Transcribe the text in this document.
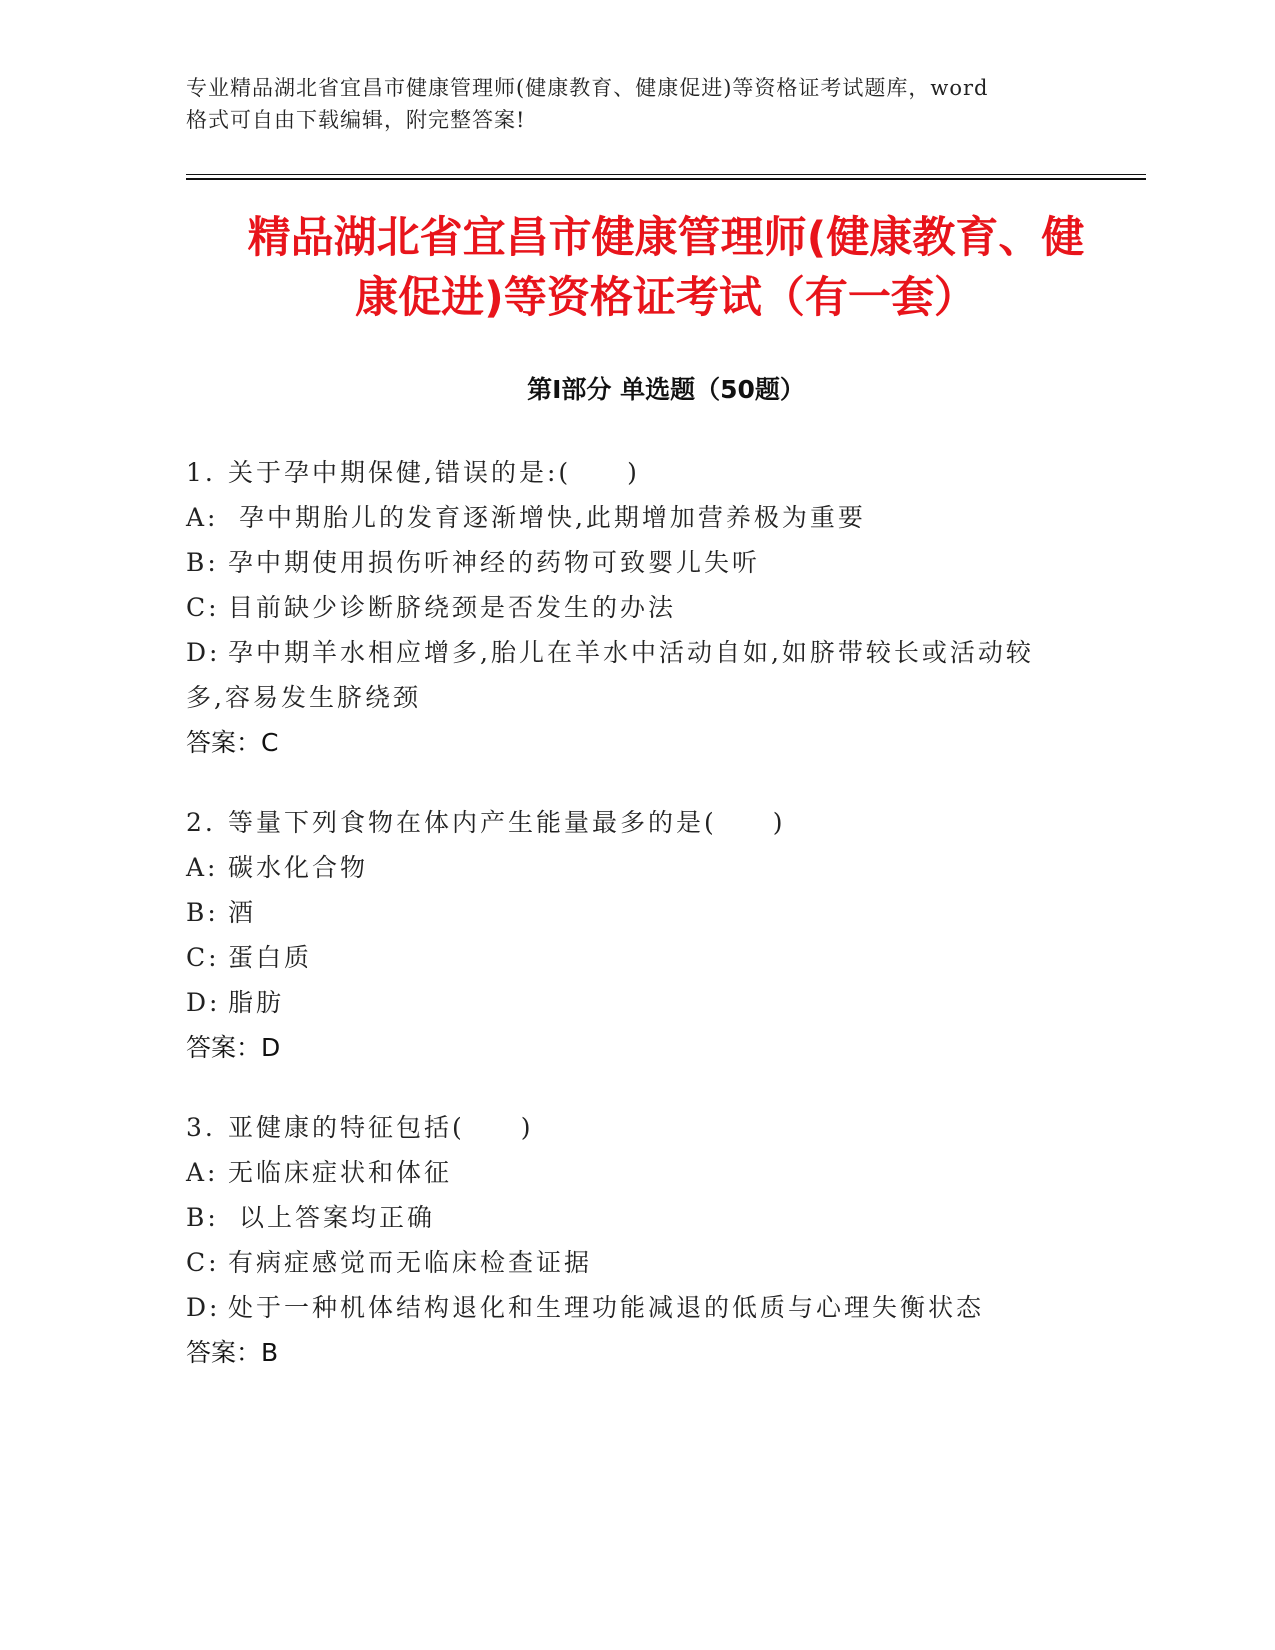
专业精品湖北省宜昌市健康管理师(健康教育、健康促进)等资格证考试题库，word

格式可自由下载编辑，附完整答案!

精品湖北省宜昌市健康管理师(健康教育、健
康促进)等资格证考试（有一套）
第Ⅰ部分 单选题（50题）

1. 关于孕中期保健,错误的是:(　　)

A: 孕中期胎儿的发育逐渐增快,此期增加营养极为重要

B: 孕中期使用损伤听神经的药物可致婴儿失听

C: 目前缺少诊断脐绕颈是否发生的办法

D: 孕中期羊水相应增多,胎儿在羊水中活动自如,如脐带较长或活动较

多,容易发生脐绕颈

答案：C

2. 等量下列食物在体内产生能量最多的是(　　)

A: 碳水化合物

B: 酒

C: 蛋白质

D: 脂肪

答案：D

3. 亚健康的特征包括(　　)

A: 无临床症状和体征

B: 以上答案均正确

C: 有病症感觉而无临床检查证据

D: 处于一种机体结构退化和生理功能减退的低质与心理失衡状态

答案：B
